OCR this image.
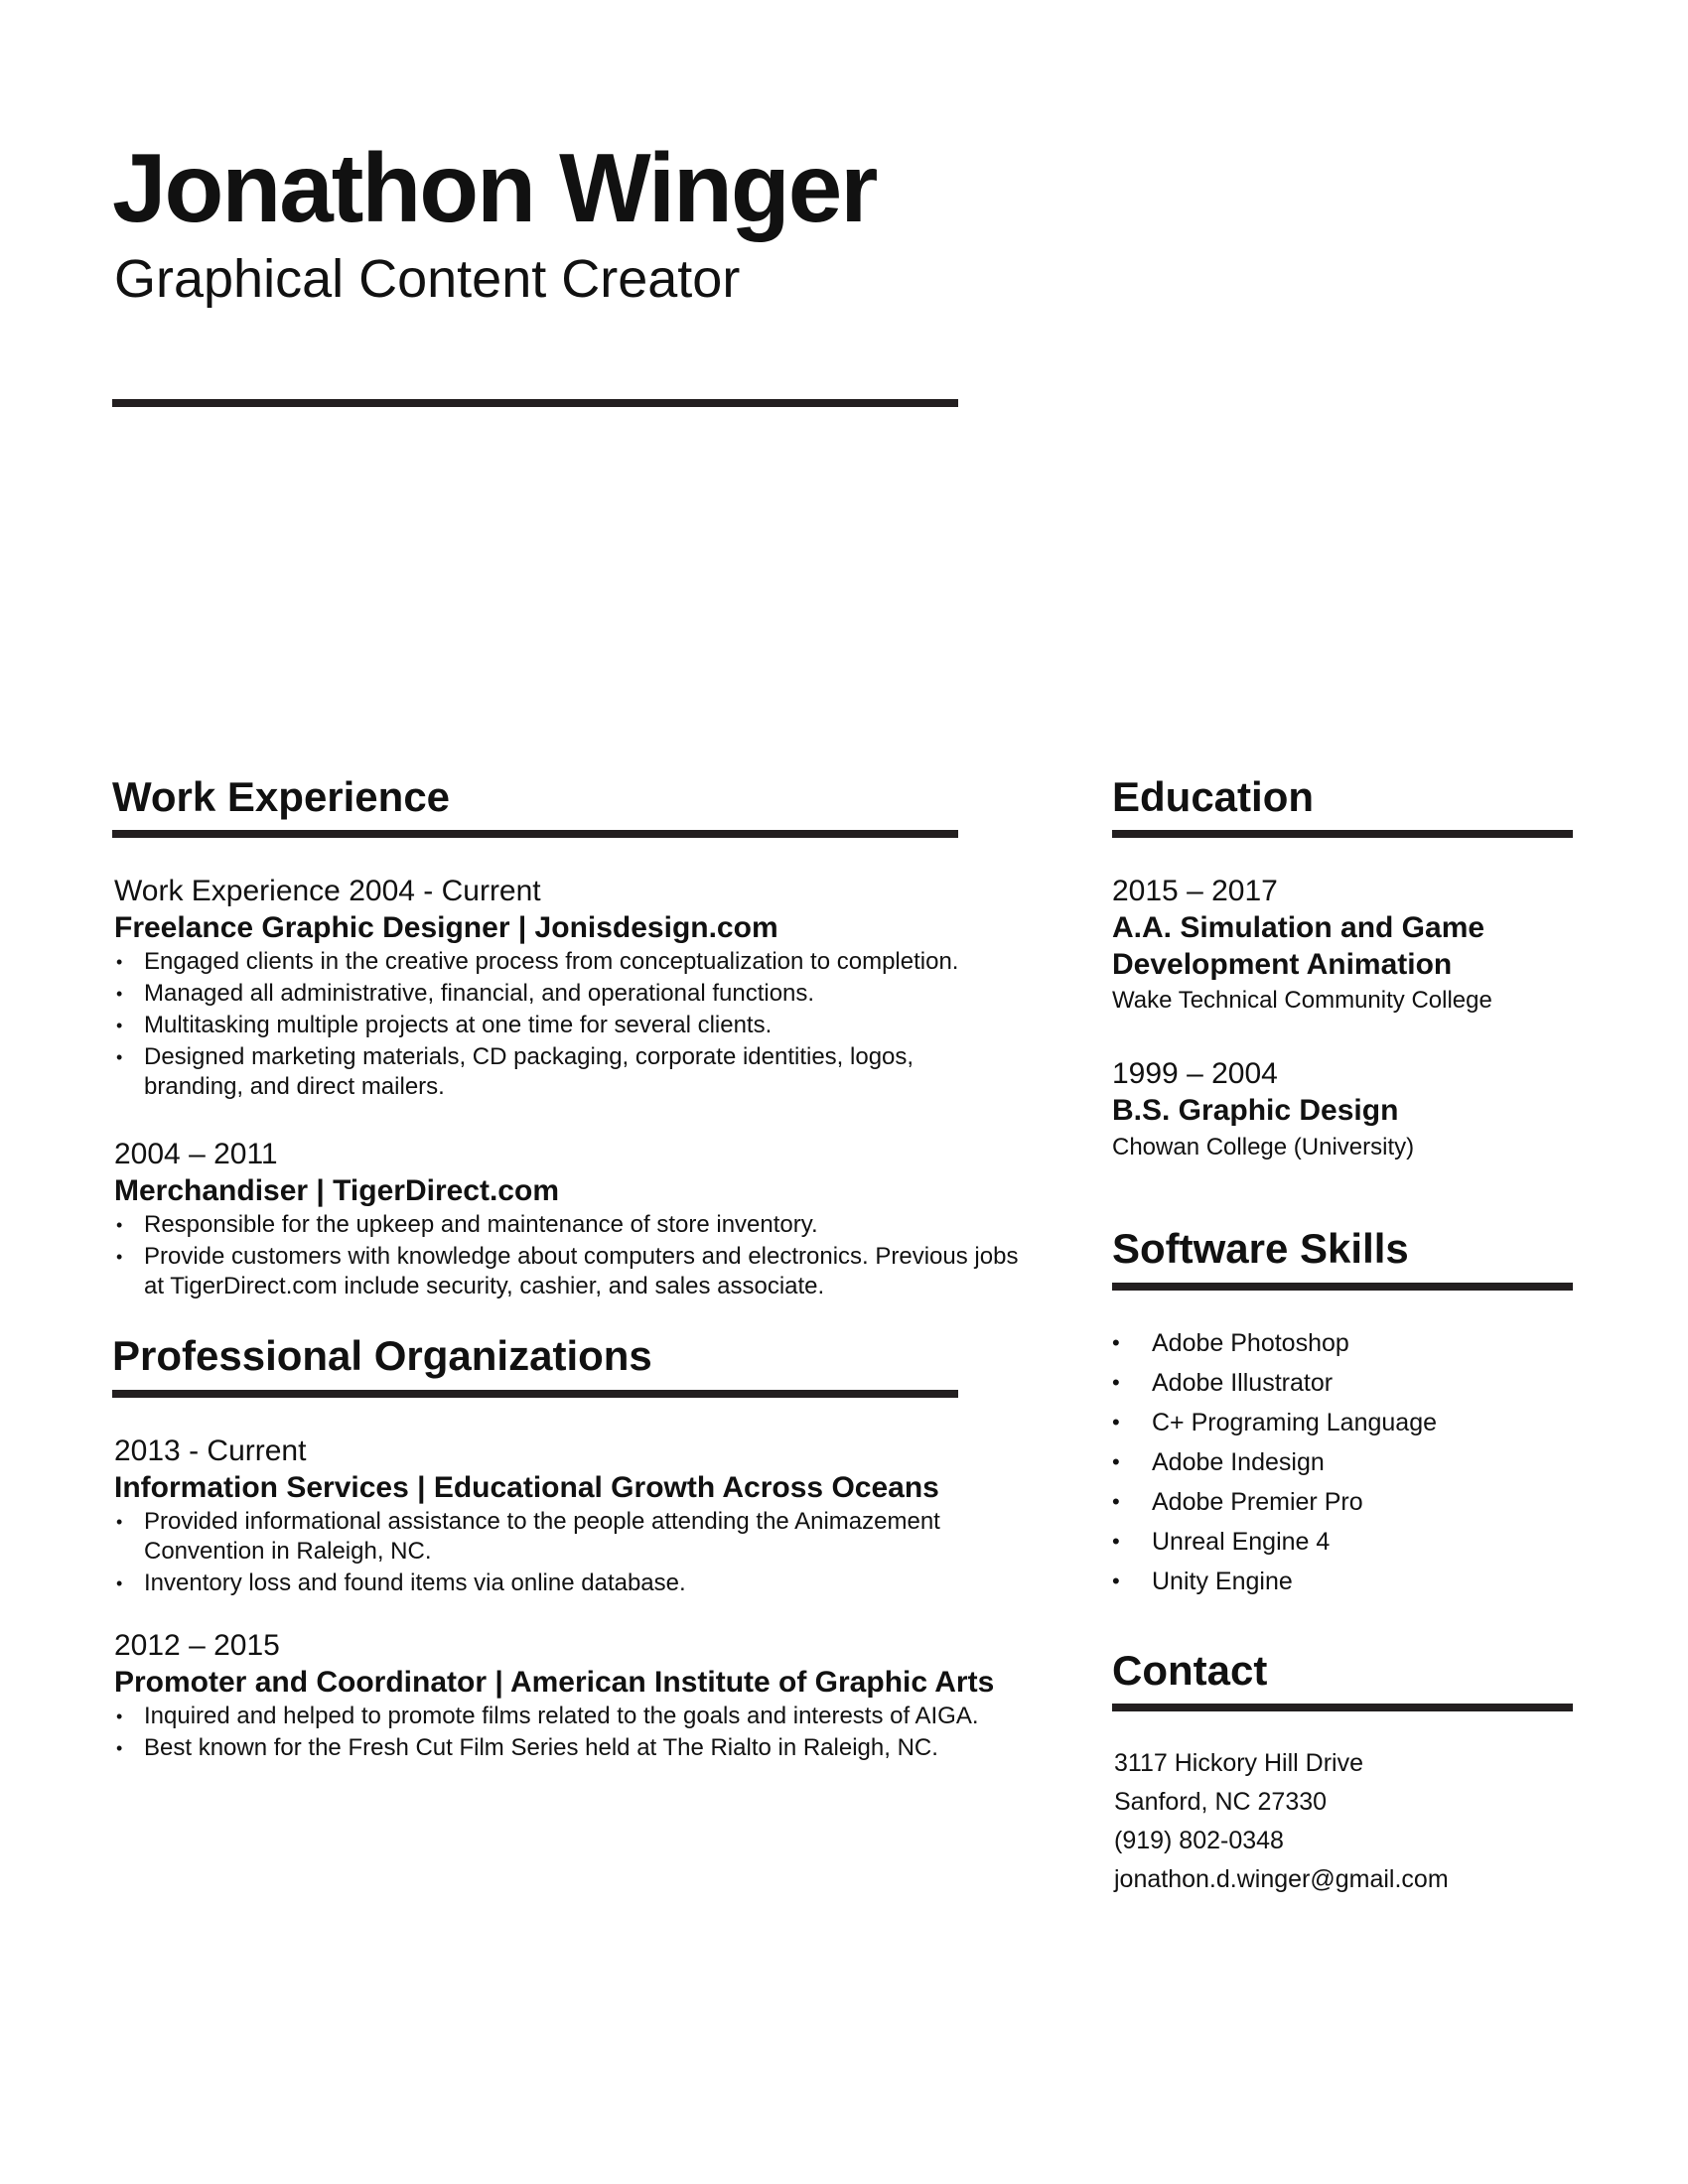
Jonathon Winger
Graphical Content Creator
Work Experience
Work Experience 2004 - Current
Freelance Graphic Designer | Jonisdesign.com
• Engaged clients in the creative process from conceptualization to completion.
• Managed all administrative, financial, and operational functions.
• Multitasking multiple projects at one time for several clients.
• Designed marketing materials, CD packaging, corporate identities, logos, branding, and direct mailers.
2004 – 2011
Merchandiser | TigerDirect.com
• Responsible for the upkeep and maintenance of store inventory.
• Provide customers with knowledge about computers and electronics. Previous jobs at TigerDirect.com include security, cashier, and sales associate.
Professional Organizations
2013 - Current
Information Services | Educational Growth Across Oceans
• Provided informational assistance to the people attending the Animazement Convention in Raleigh, NC.
• Inventory loss and found items via online database.
2012 – 2015
Promoter and Coordinator | American Institute of Graphic Arts
• Inquired and helped to promote films related to the goals and interests of AIGA.
• Best known for the Fresh Cut Film Series held at The Rialto in Raleigh, NC.
Education
2015 – 2017
A.A. Simulation and Game Development Animation
Wake Technical Community College
1999 – 2004
B.S. Graphic Design
Chowan College (University)
Software Skills
• Adobe Photoshop
• Adobe Illustrator
• C+ Programing Language
• Adobe Indesign
• Adobe Premier Pro
• Unreal Engine 4
• Unity Engine
Contact
3117 Hickory Hill Drive
Sanford, NC 27330
(919) 802-0348
jonathon.d.winger@gmail.com
